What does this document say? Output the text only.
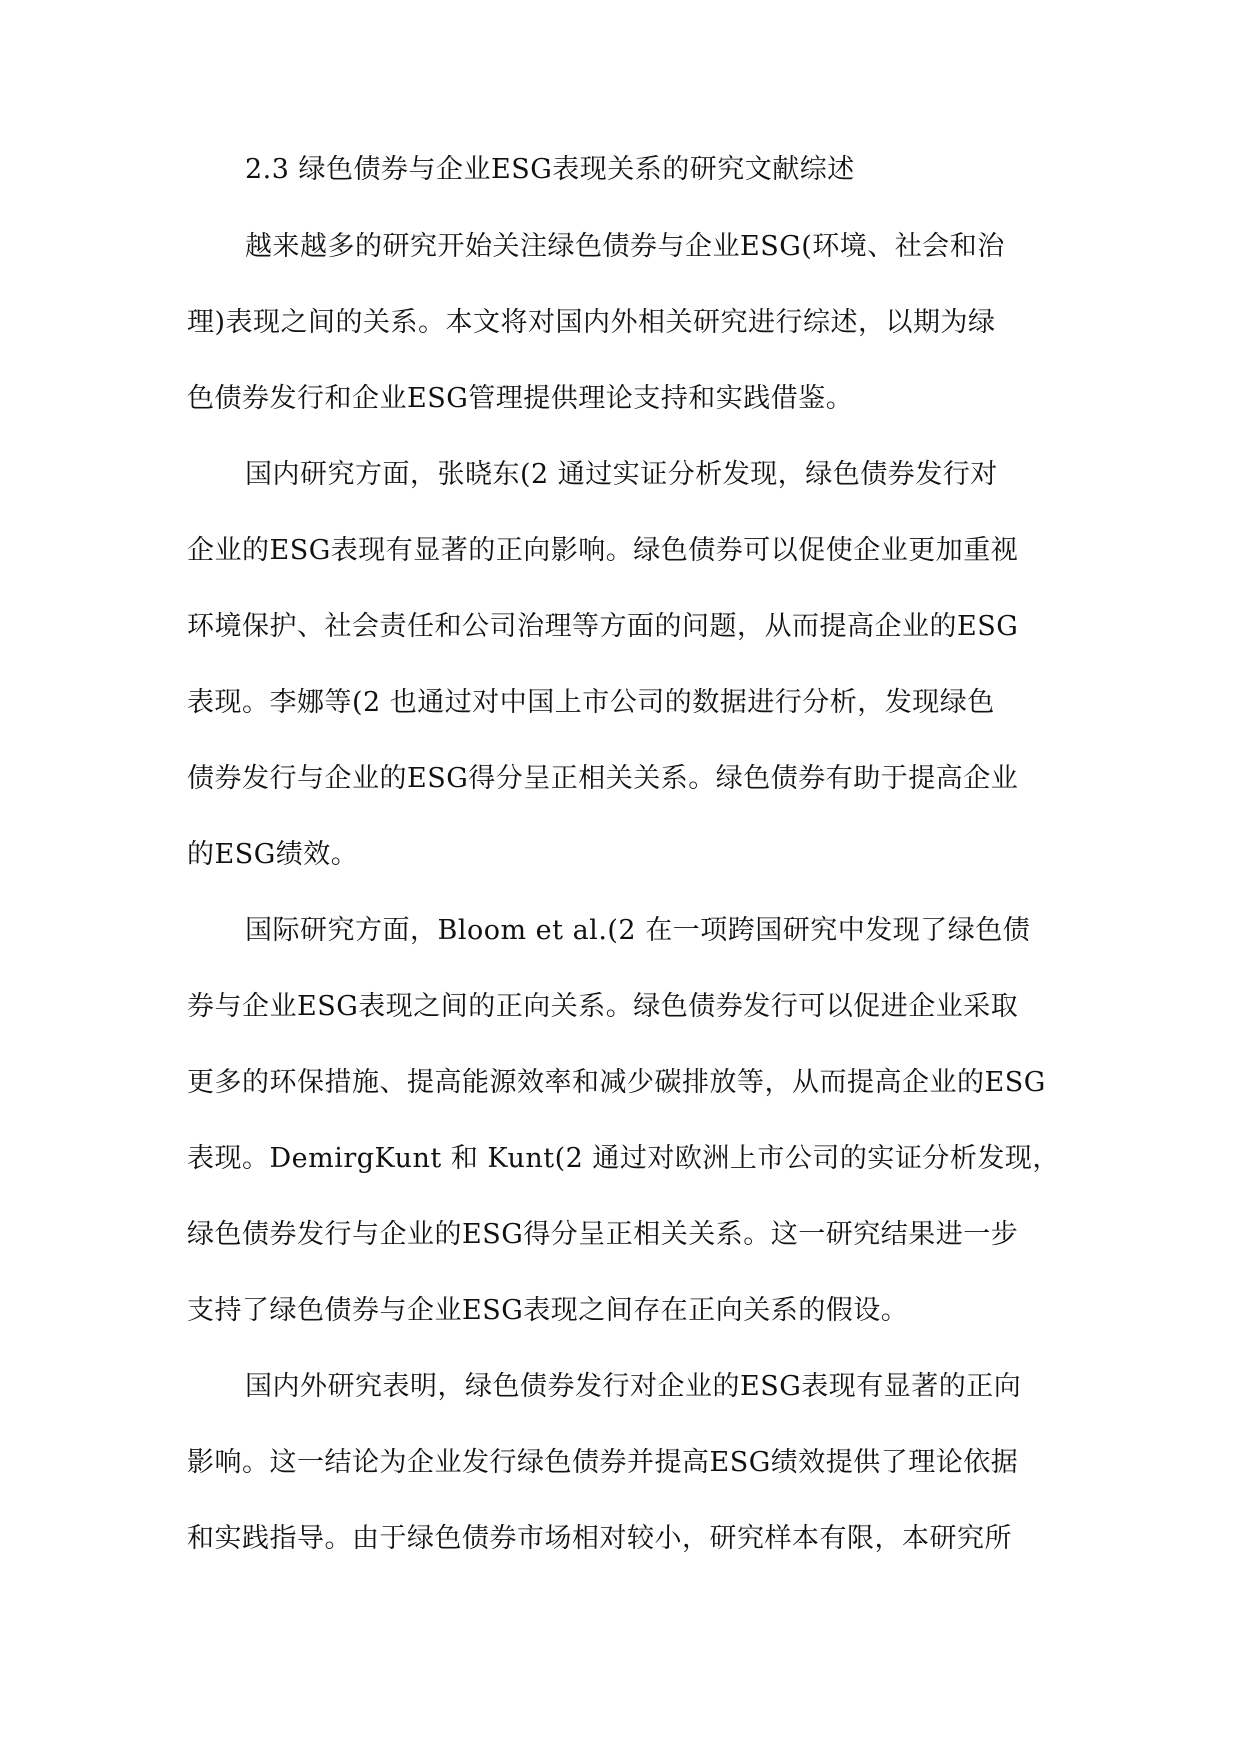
2.3 绿色债券与企业ESG表现关系的研究文献综述
越来越多的研究开始关注绿色债券与企业ESG(环境、社会和治
理)表现之间的关系。本文将对国内外相关研究进行综述，以期为绿
色债券发行和企业ESG管理提供理论支持和实践借鉴。
国内研究方面，张晓东(2 通过实证分析发现，绿色债券发行对
企业的ESG表现有显著的正向影响。绿色债券可以促使企业更加重视
环境保护、社会责任和公司治理等方面的问题，从而提高企业的ESG
表现。李娜等(2 也通过对中国上市公司的数据进行分析，发现绿色
债券发行与企业的ESG得分呈正相关关系。绿色债券有助于提高企业
的ESG绩效。
国际研究方面，Bloom et al.(2 在一项跨国研究中发现了绿色债
券与企业ESG表现之间的正向关系。绿色债券发行可以促进企业采取
更多的环保措施、提高能源效率和减少碳排放等，从而提高企业的ESG
表现。DemirgKunt 和 Kunt(2 通过对欧洲上市公司的实证分析发现，
绿色债券发行与企业的ESG得分呈正相关关系。这一研究结果进一步
支持了绿色债券与企业ESG表现之间存在正向关系的假设。
国内外研究表明，绿色债券发行对企业的ESG表现有显著的正向
影响。这一结论为企业发行绿色债券并提高ESG绩效提供了理论依据
和实践指导。由于绿色债券市场相对较小，研究样本有限，本研究所
